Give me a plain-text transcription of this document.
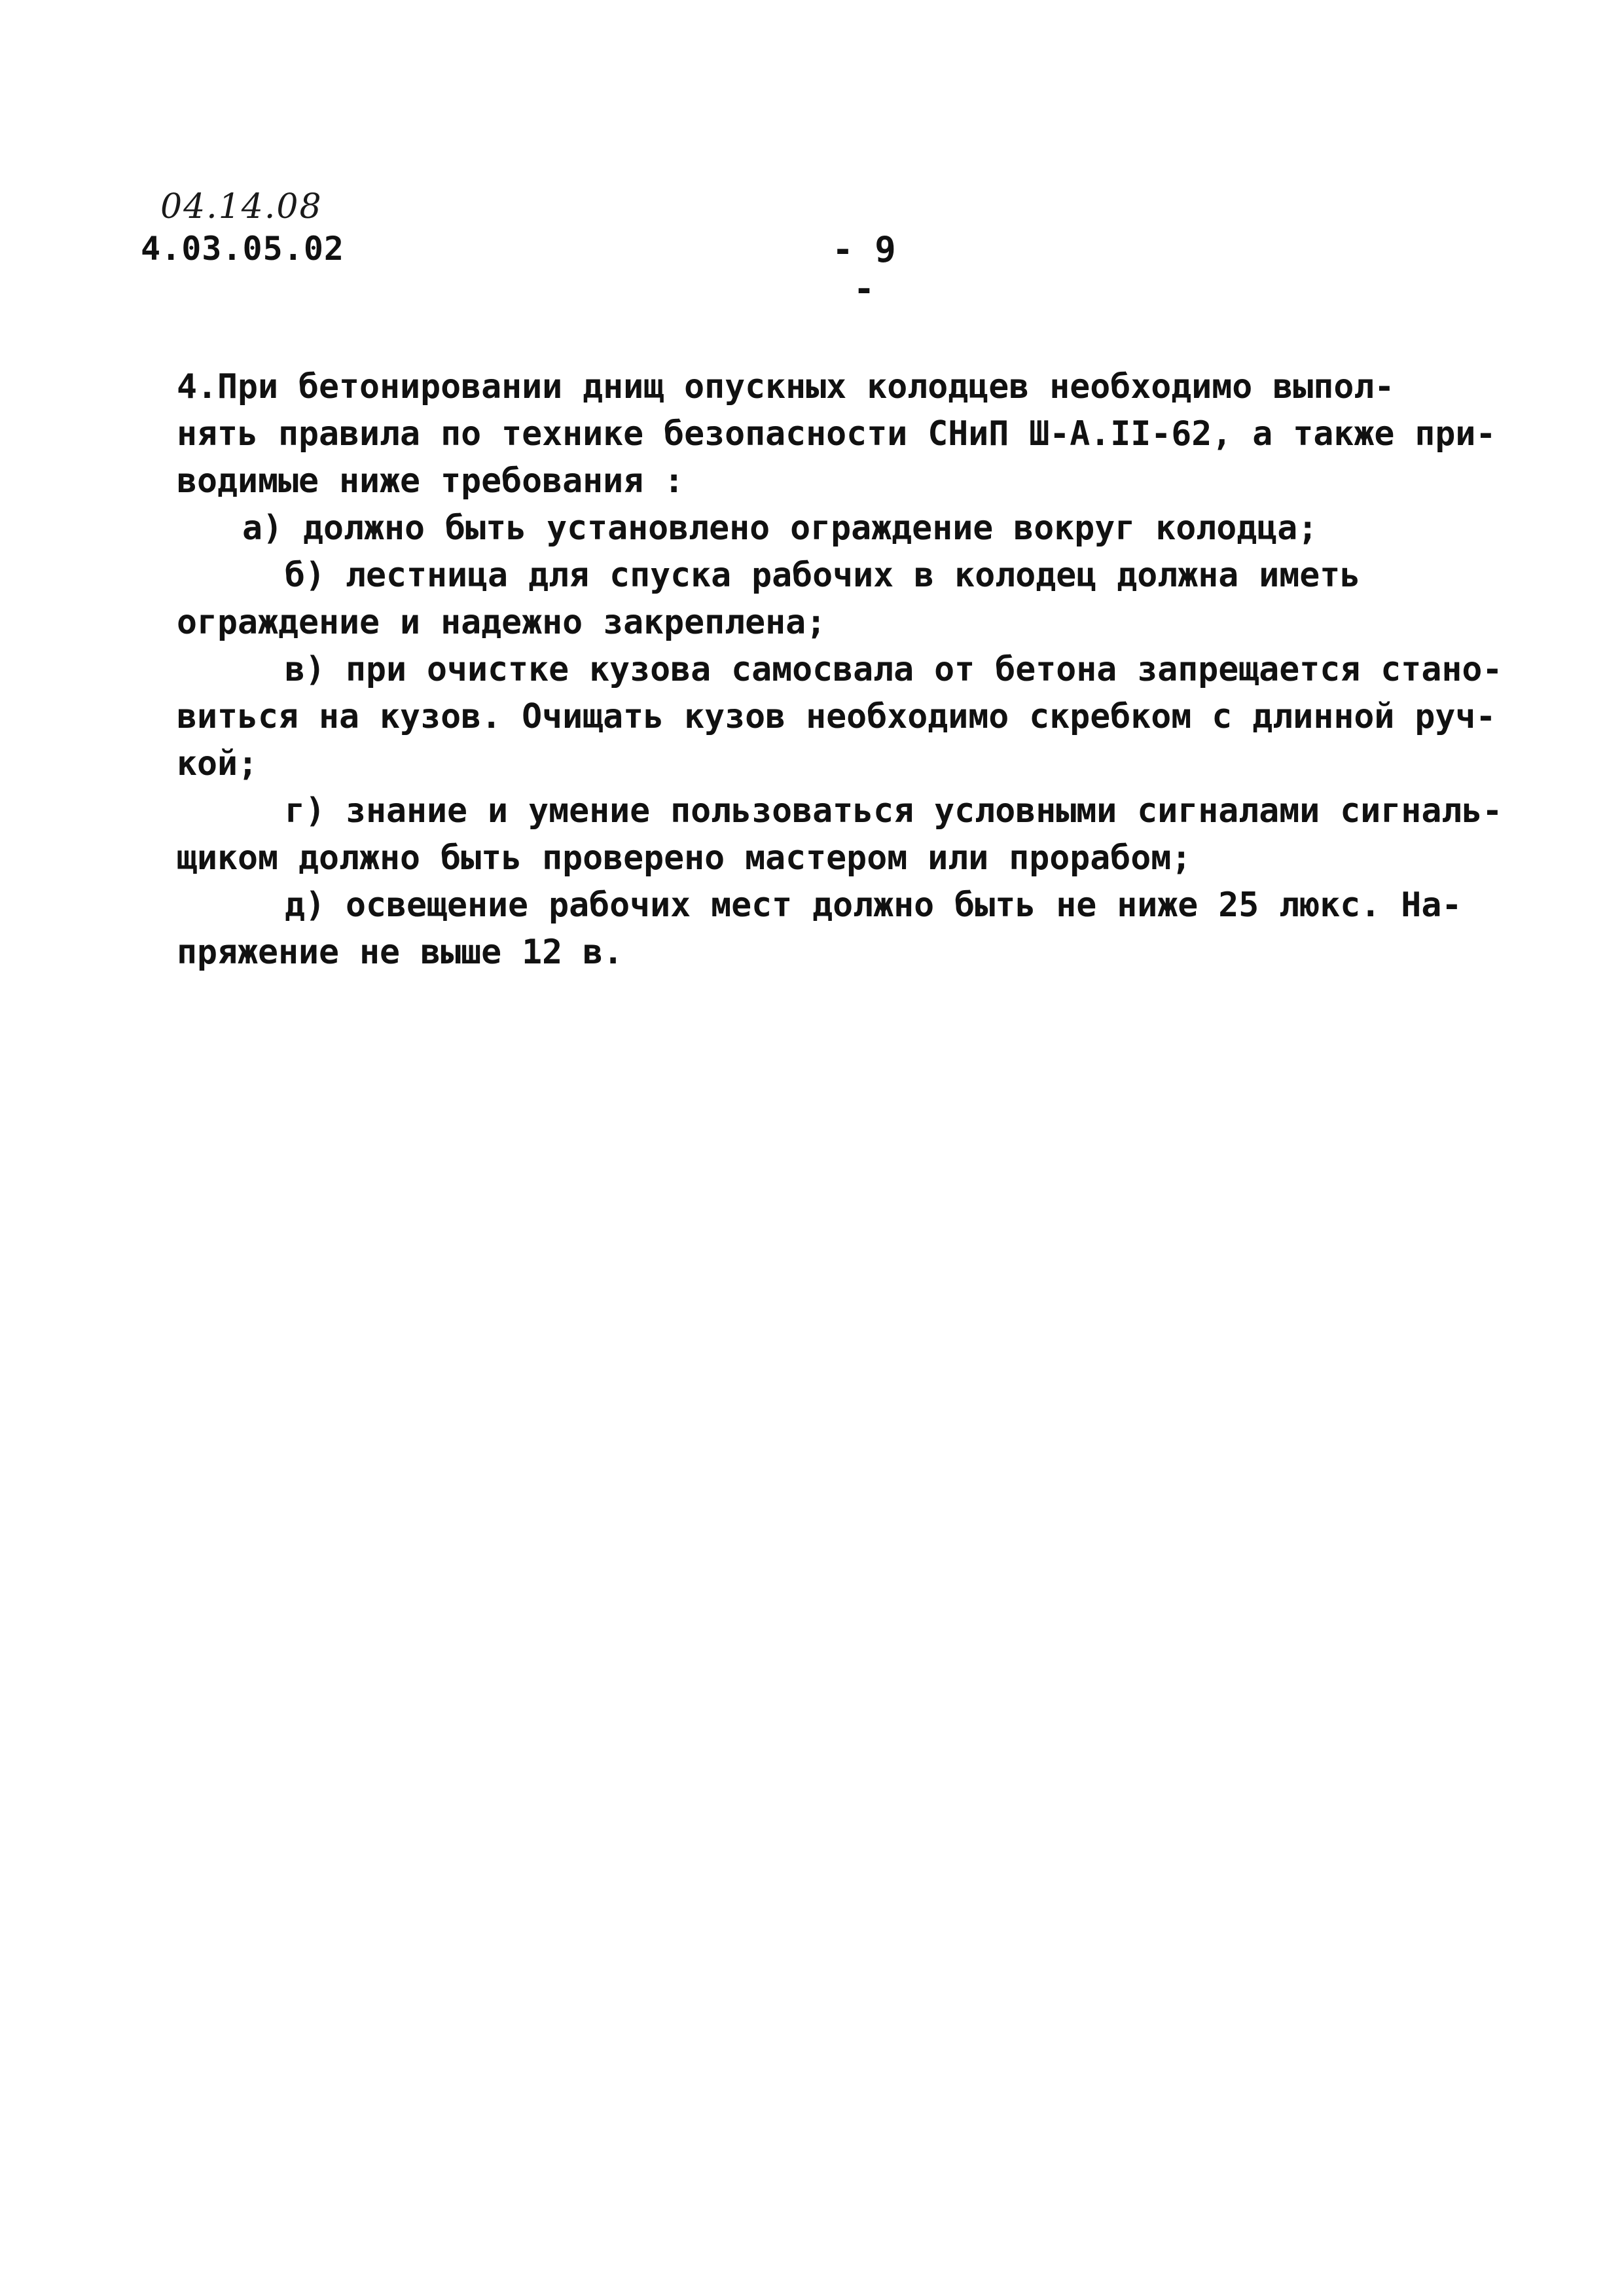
04.14.08
4.03.05.02	- 9 -
4.При бетонировании днищ опускных колодцев необходимо выпол-
нять правила по технике безопасности СНиП Ш-А.II-62, а также при-
водимые ниже требования :
а) должно быть установлено ограждение вокруг колодца;
б) лестница для спуска рабочих в колодец должна иметь
ограждение и надежно закреплена;
в) при очистке кузова самосвала от бетона запрещается стано-
виться на кузов. Очищать кузов необходимо скребком с длинной руч-
кой;
г) знание и умение пользоваться условными сигналами сигналь-
щиком должно быть проверено мастером или прорабом;
д) освещение рабочих мест должно быть не ниже 25 люкс. На-
пряжение не выше 12 в.
